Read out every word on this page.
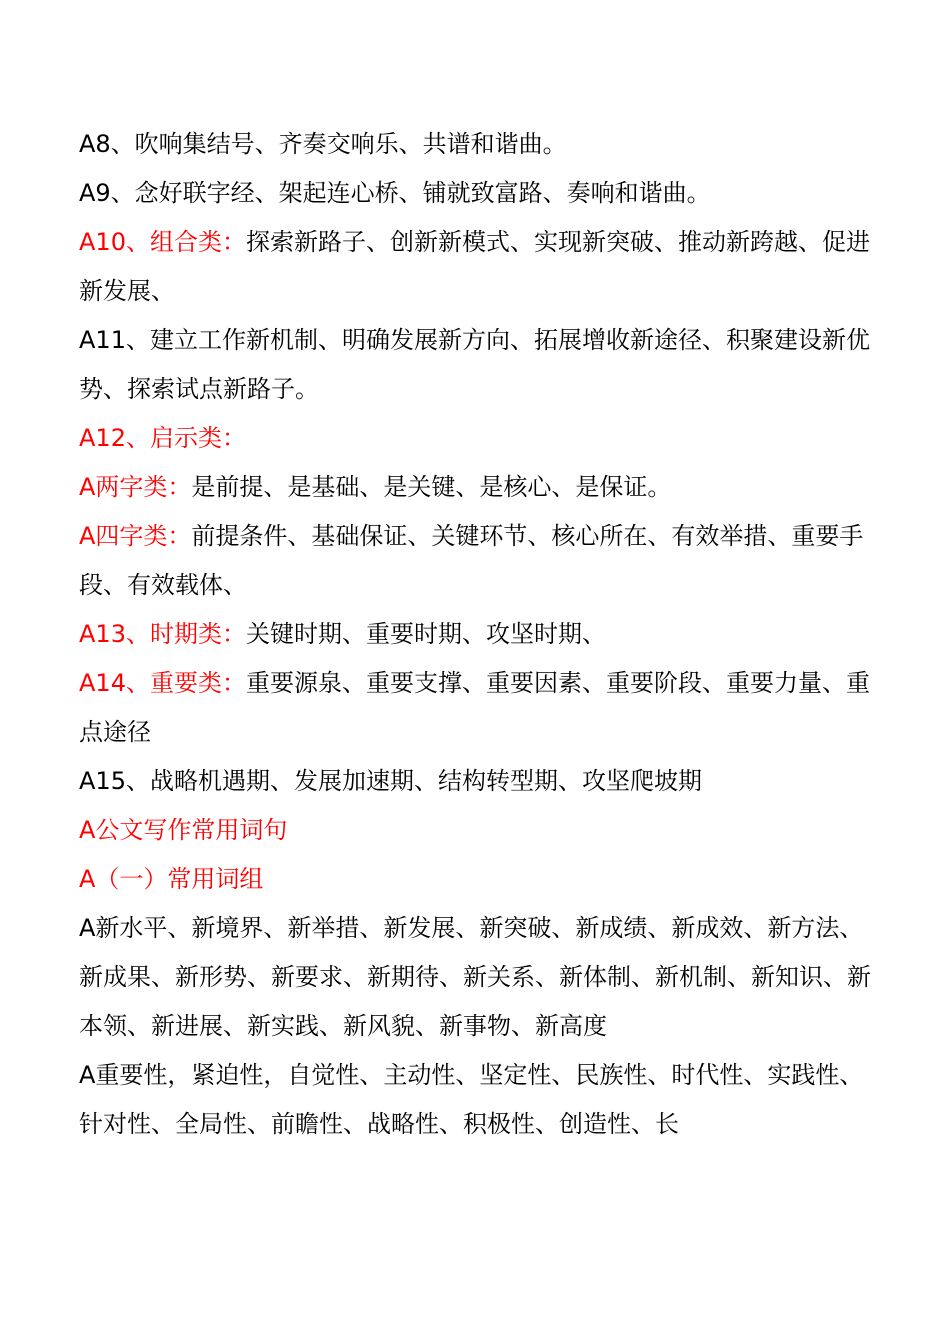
A8、吹响集结号、齐奏交响乐、共谱和谐曲。

A9、念好联字经、架起连心桥、铺就致富路、奏响和谐曲。

A10、组合类：探索新路子、创新新模式、实现新突破、推动新跨越、促进新发展、

A11、建立工作新机制、明确发展新方向、拓展增收新途径、积聚建设新优势、探索试点新路子。

A12、启示类：

A两字类：是前提、是基础、是关键、是核心、是保证。

A四字类：前提条件、基础保证、关键环节、核心所在、有效举措、重要手段、有效载体、

A13、时期类：关键时期、重要时期、攻坚时期、

A14、重要类：重要源泉、重要支撑、重要因素、重要阶段、重要力量、重点途径

A15、战略机遇期、发展加速期、结构转型期、攻坚爬坡期

A公文写作常用词句

A（一）常用词组

A新水平、新境界、新举措、新发展、新突破、新成绩、新成效、新方法、新成果、新形势、新要求、新期待、新关系、新体制、新机制、新知识、新本领、新进展、新实践、新风貌、新事物、新高度

A重要性，紧迫性，自觉性、主动性、坚定性、民族性、时代性、实践性、针对性、全局性、前瞻性、战略性、积极性、创造性、长
